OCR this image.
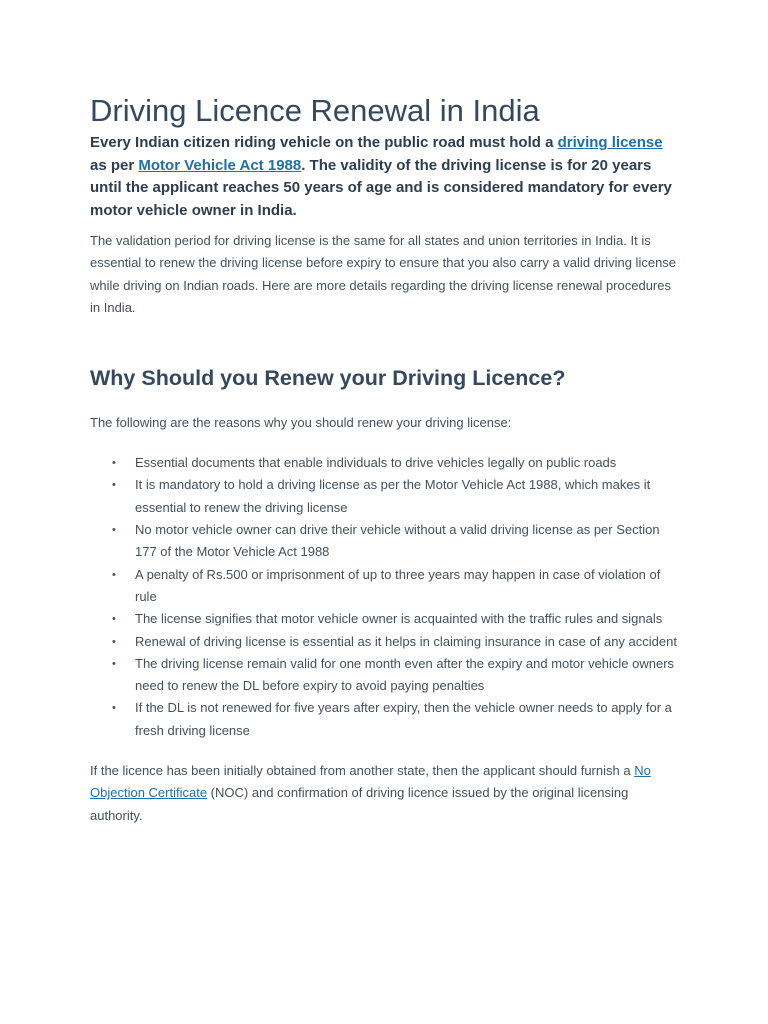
Driving Licence Renewal in India

Every Indian citizen riding vehicle on the public road must hold a driving license as per Motor Vehicle Act 1988. The validity of the driving license is for 20 years until the applicant reaches 50 years of age and is considered mandatory for every motor vehicle owner in India.

The validation period for driving license is the same for all states and union territories in India. It is essential to renew the driving license before expiry to ensure that you also carry a valid driving license while driving on Indian roads. Here are more details regarding the driving license renewal procedures in India.

Why Should you Renew your Driving Licence?

The following are the reasons why you should renew your driving license:

• Essential documents that enable individuals to drive vehicles legally on public roads
• It is mandatory to hold a driving license as per the Motor Vehicle Act 1988, which makes it essential to renew the driving license
• No motor vehicle owner can drive their vehicle without a valid driving license as per Section 177 of the Motor Vehicle Act 1988
• A penalty of Rs.500 or imprisonment of up to three years may happen in case of violation of rule
• The license signifies that motor vehicle owner is acquainted with the traffic rules and signals
• Renewal of driving license is essential as it helps in claiming insurance in case of any accident
• The driving license remain valid for one month even after the expiry and motor vehicle owners need to renew the DL before expiry to avoid paying penalties
• If the DL is not renewed for five years after expiry, then the vehicle owner needs to apply for a fresh driving license

If the licence has been initially obtained from another state, then the applicant should furnish a No Objection Certificate (NOC) and confirmation of driving licence issued by the original licensing authority.
